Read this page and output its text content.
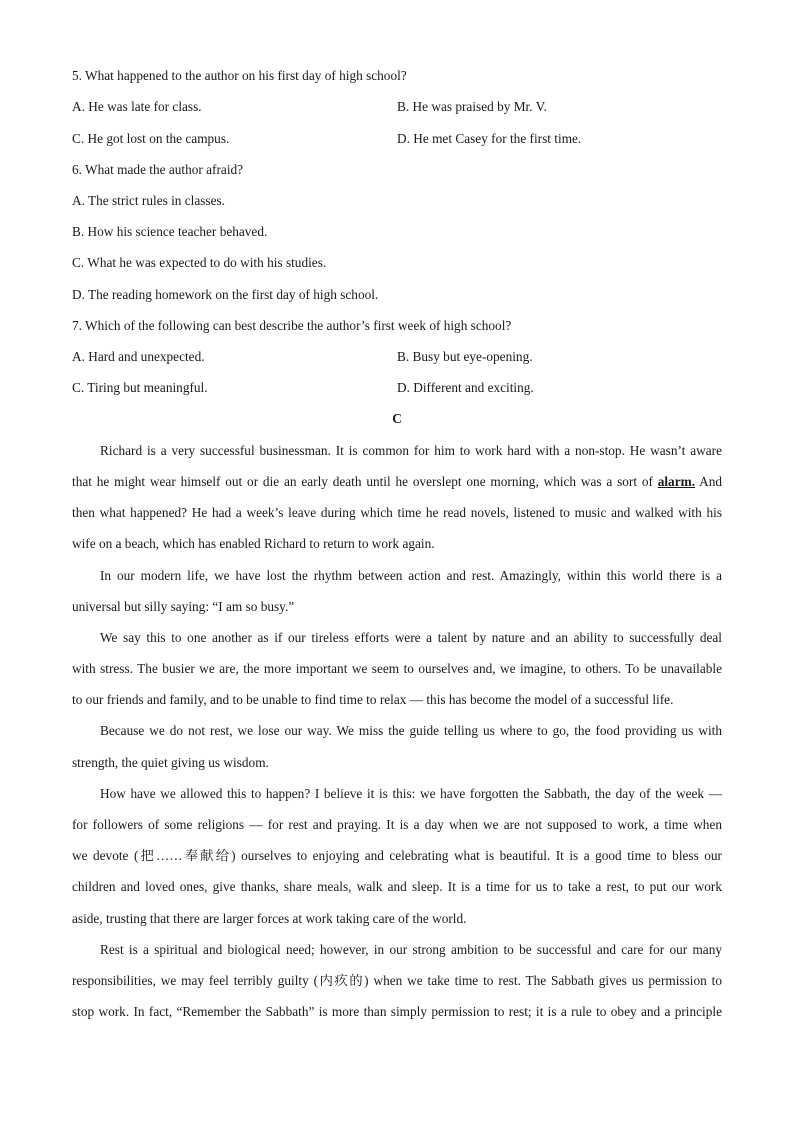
5. What happened to the author on his first day of high school?
A. He was late for class.	B. He was praised by Mr. V.
C. He got lost on the campus.	D. He met Casey for the first time.
6. What made the author afraid?
A. The strict rules in classes.
B. How his science teacher behaved.
C. What he was expected to do with his studies.
D. The reading homework on the first day of high school.
7. Which of the following can best describe the author’s first week of high school?
A. Hard and unexpected.	B. Busy but eye-opening.
C. Tiring but meaningful.	D. Different and exciting.
C
Richard is a very successful businessman. It is common for him to work hard with a non-stop. He wasn’t aware
that he might wear himself out or die an early death until he overslept one morning, which was a sort of alarm. And
then what happened? He had a week’s leave during which time he read novels, listened to music and walked with his
wife on a beach, which has enabled Richard to return to work again.
In our modern life, we have lost the rhythm between action and rest. Amazingly, within this world there is a
universal but silly saying: “I am so busy.”
We say this to one another as if our tireless efforts were a talent by nature and an ability to successfully deal
with stress. The busier we are, the more important we seem to ourselves and, we imagine, to others. To be unavailable
to our friends and family, and to be unable to find time to relax — this has become the model of a successful life.
Because we do not rest, we lose our way. We miss the guide telling us where to go, the food providing us with
strength, the quiet giving us wisdom.
How have we allowed this to happen? I believe it is this: we have forgotten the Sabbath, the day of the week —
for followers of some religions — for rest and praying. It is a day when we are not supposed to work, a time when
we devote (把……奉献给) ourselves to enjoying and celebrating what is beautiful. It is a good time to bless our
children and loved ones, give thanks, share meals, walk and sleep. It is a time for us to take a rest, to put our work
aside, trusting that there are larger forces at work taking care of the world.
Rest is a spiritual and biological need; however, in our strong ambition to be successful and care for our many
responsibilities, we may feel terribly guilty (内疚的) when we take time to rest. The Sabbath gives us permission to
stop work. In fact, “Remember the Sabbath” is more than simply permission to rest; it is a rule to obey and a principle
